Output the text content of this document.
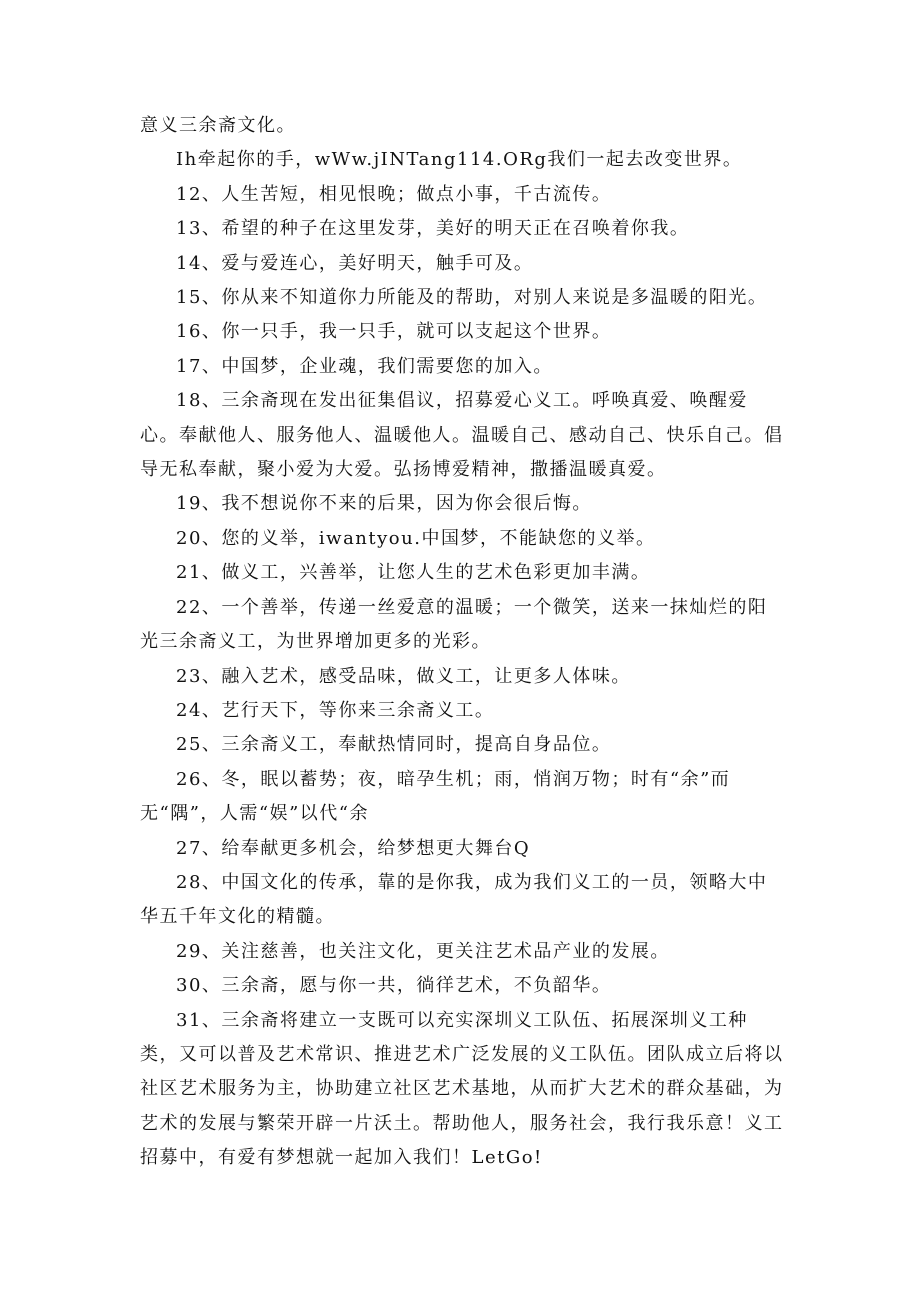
意义三余斋文化。

Ih牵起你的手，wWw.jINTang114.ORg我们一起去改变世界。

12、人生苦短，相见恨晚；做点小事，千古流传。

13、希望的种子在这里发芽，美好的明天正在召唤着你我。

14、爱与爱连心，美好明天，触手可及。

15、你从来不知道你力所能及的帮助，对别人来说是多温暖的阳光。

16、你一只手，我一只手，就可以支起这个世界。

17、中国梦，企业魂，我们需要您的加入。

18、三余斋现在发出征集倡议，招募爱心义工。呼唤真爱、唤醒爱心。奉献他人、服务他人、温暖他人。温暖自己、感动自己、快乐自己。倡导无私奉献，聚小爱为大爱。弘扬博爱精神，撒播温暖真爱。

19、我不想说你不来的后果，因为你会很后悔。

20、您的义举，iwantyou.中国梦，不能缺您的义举。

21、做义工，兴善举，让您人生的艺术色彩更加丰满。

22、一个善举，传递一丝爱意的温暖；一个微笑，送来一抹灿烂的阳光三余斋义工，为世界增加更多的光彩。

23、融入艺术，感受品味，做义工，让更多人体味。

24、艺行天下，等你来三余斋义工。

25、三余斋义工，奉献热情同时，提高自身品位。

26、冬，眠以蓄势；夜，暗孕生机；雨，悄润万物；时有“余”而无“隅”，人需“娱”以代“余

27、给奉献更多机会，给梦想更大舞台Q

28、中国文化的传承，靠的是你我，成为我们义工的一员，领略大中华五千年文化的精髓。

29、关注慈善，也关注文化，更关注艺术品产业的发展。

30、三余斋，愿与你一共，徜徉艺术，不负韶华。

31、三余斋将建立一支既可以充实深圳义工队伍、拓展深圳义工种类，又可以普及艺术常识、推进艺术广泛发展的义工队伍。团队成立后将以社区艺术服务为主，协助建立社区艺术基地，从而扩大艺术的群众基础，为艺术的发展与繁荣开辟一片沃土。帮助他人，服务社会，我行我乐意！义工招募中，有爱有梦想就一起加入我们！LetGo!
